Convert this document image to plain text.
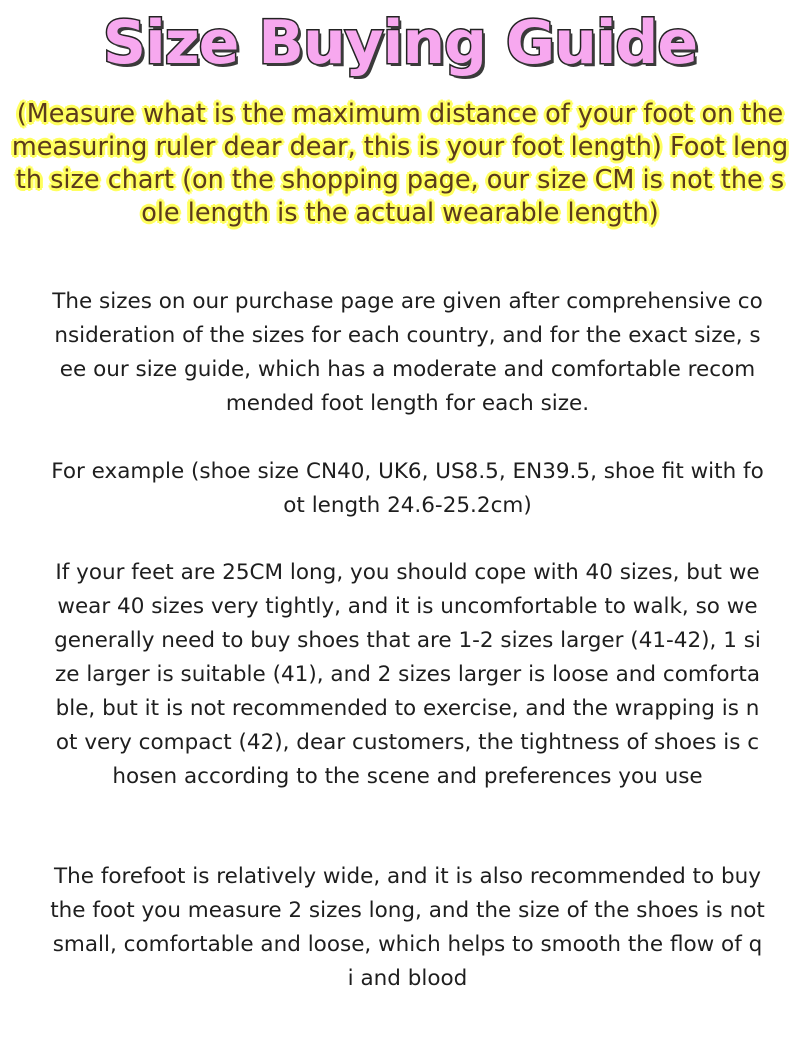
Size Buying Guide
(Measure what is the maximum distance of your foot on the measuring ruler dear dear, this is your foot length) Foot length size chart (on the shopping page, our size CM is not the sole length is the actual wearable length)
The sizes on our purchase page are given after comprehensive consideration of the sizes for each country, and for the exact size, see our size guide, which has a moderate and comfortable recommended foot length for each size.
For example (shoe size CN40, UK6, US8.5, EN39.5, shoe fit with foot length 24.6-25.2cm)
If your feet are 25CM long, you should cope with 40 sizes, but we wear 40 sizes very tightly, and it is uncomfortable to walk, so we generally need to buy shoes that are 1-2 sizes larger (41-42), 1 size larger is suitable (41), and 2 sizes larger is loose and comfortable, but it is not recommended to exercise, and the wrapping is not very compact (42), dear customers, the tightness of shoes is chosen according to the scene and preferences you use
The forefoot is relatively wide, and it is also recommended to buy the foot you measure 2 sizes long, and the size of the shoes is not small, comfortable and loose, which helps to smooth the flow of qi and blood
